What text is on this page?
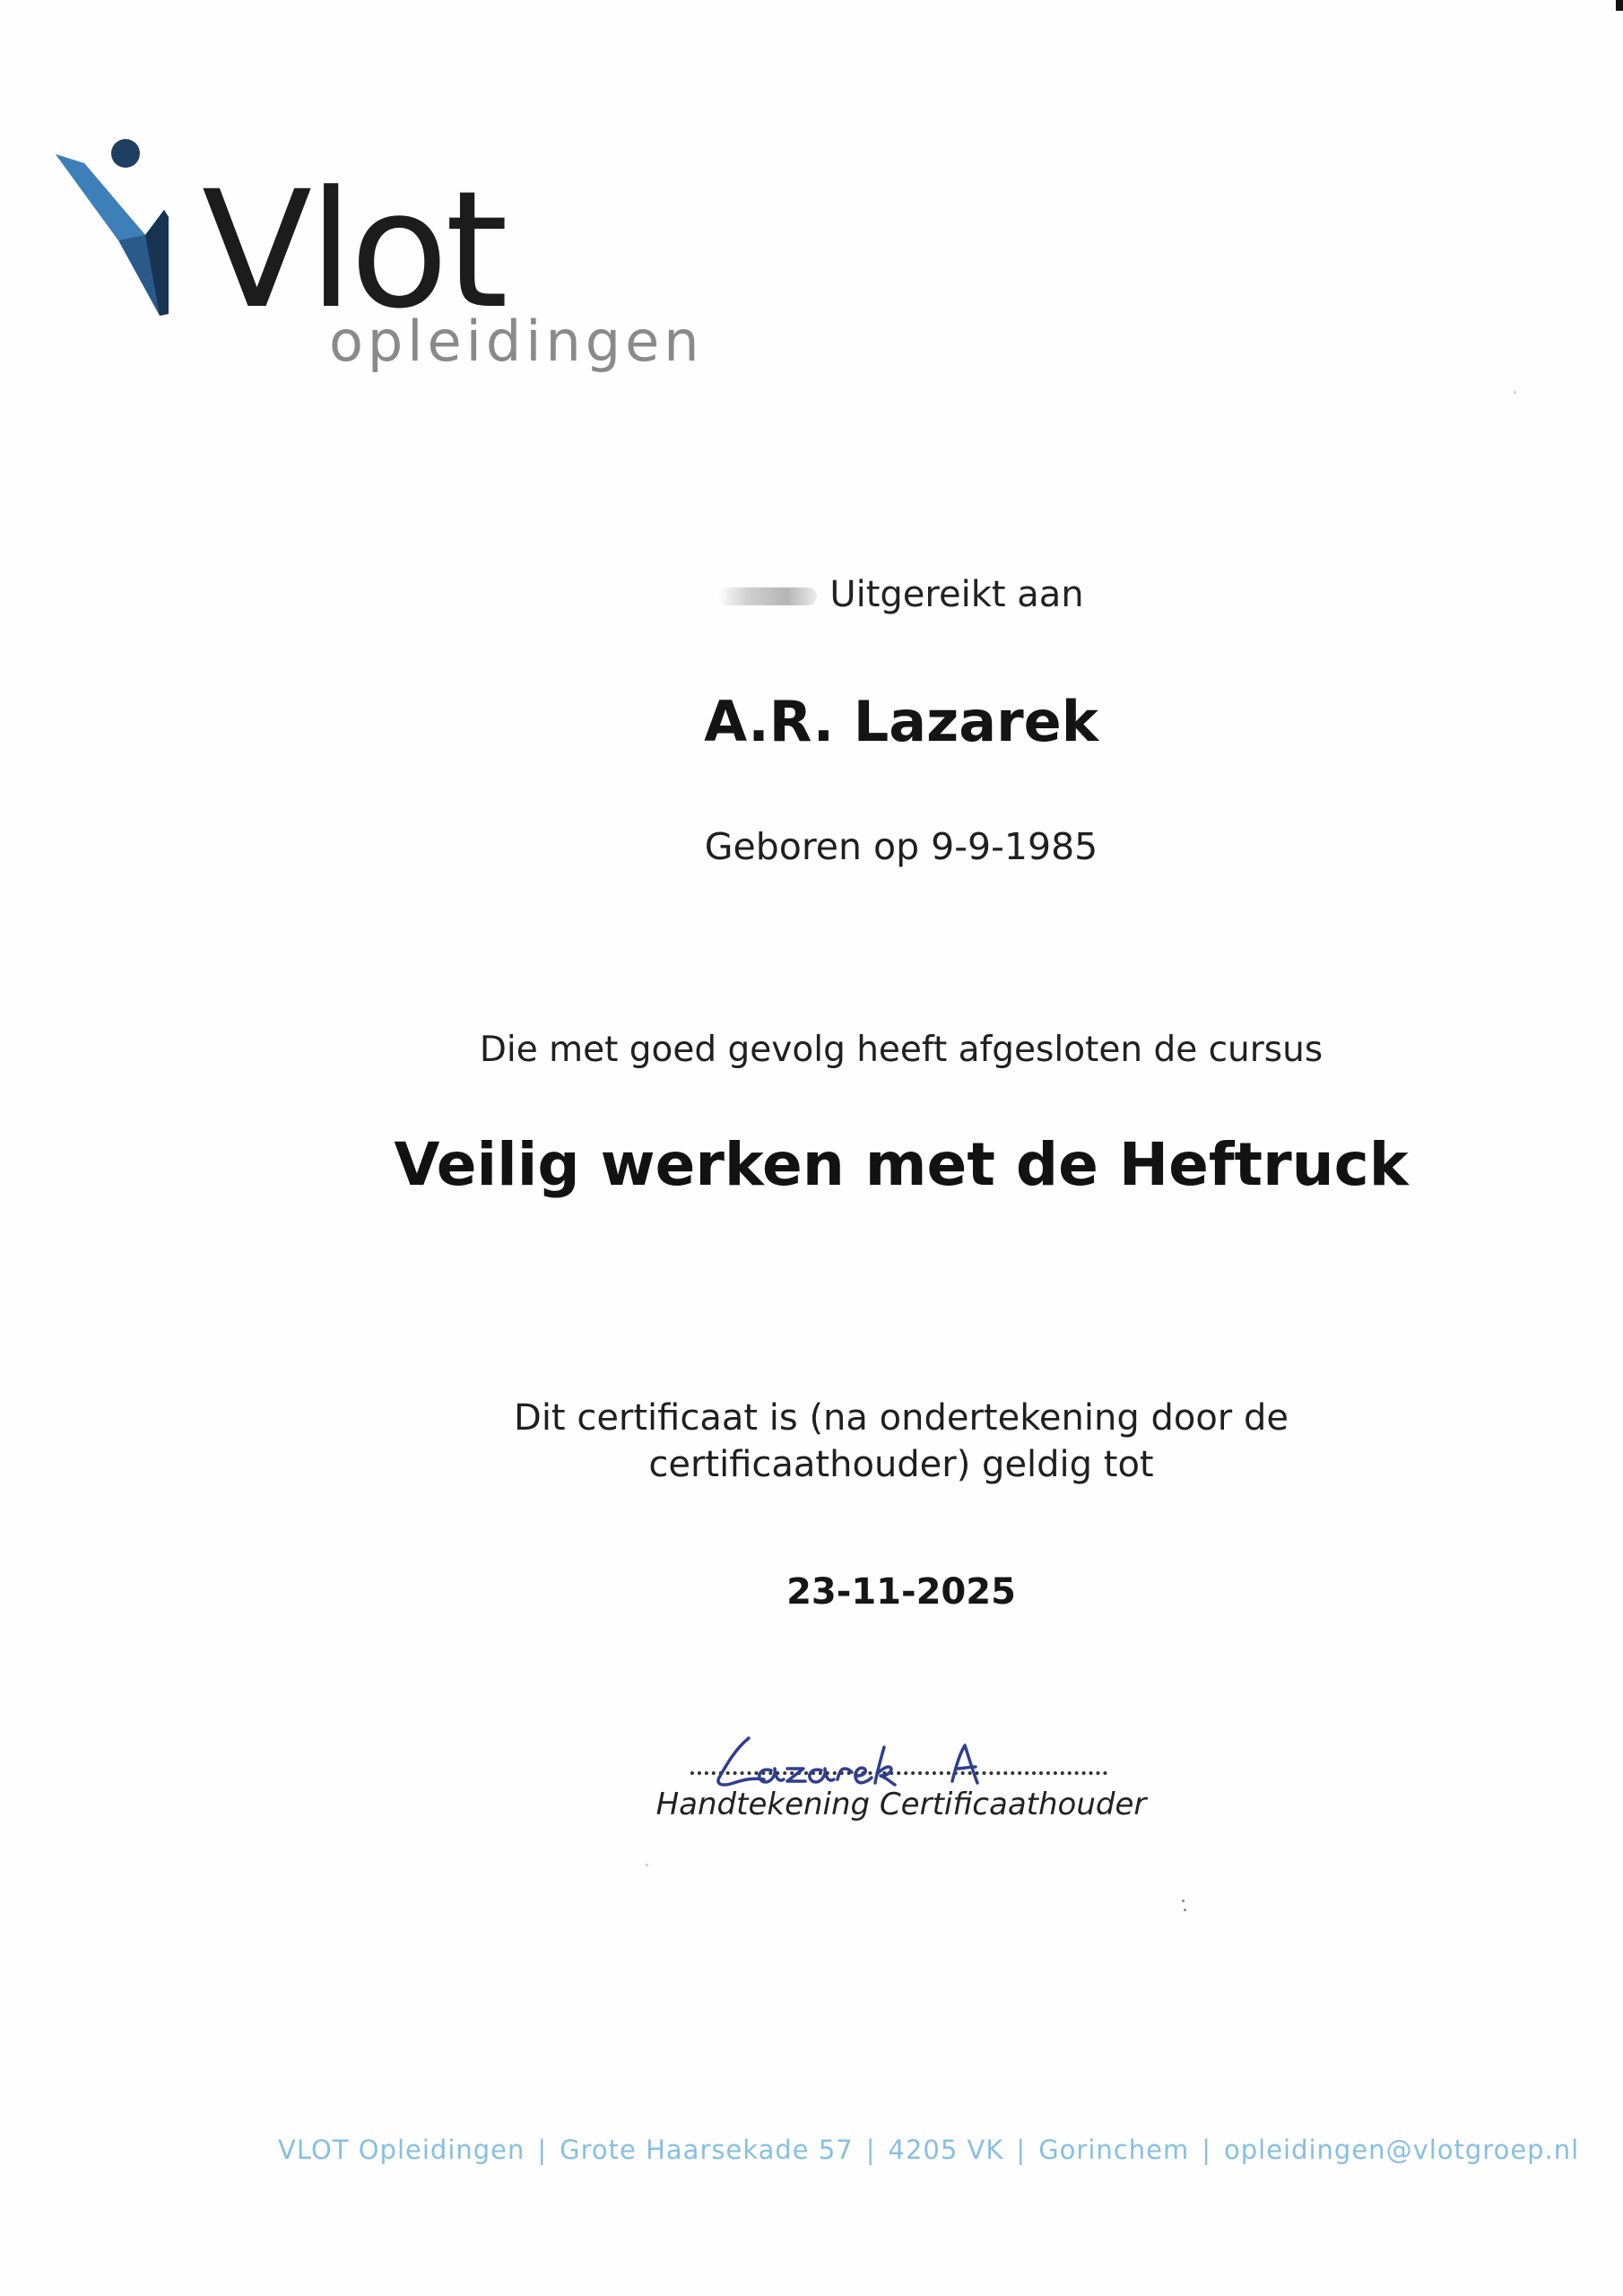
Vlot
opleidingen
Uitgereikt aan
A.R. Lazarek
Geboren op 9-9-1985
Die met goed gevolg heeft afgesloten de cursus
Veilig werken met de Heftruck
Dit certificaat is (na ondertekening door de
certificaathouder) geldig tot
23-11-2025
Handtekening Certificaathouder
VLOT Opleidingen | Grote Haarsekade 57 | 4205 VK | Gorinchem | opleidingen@vlotgroep.nl
